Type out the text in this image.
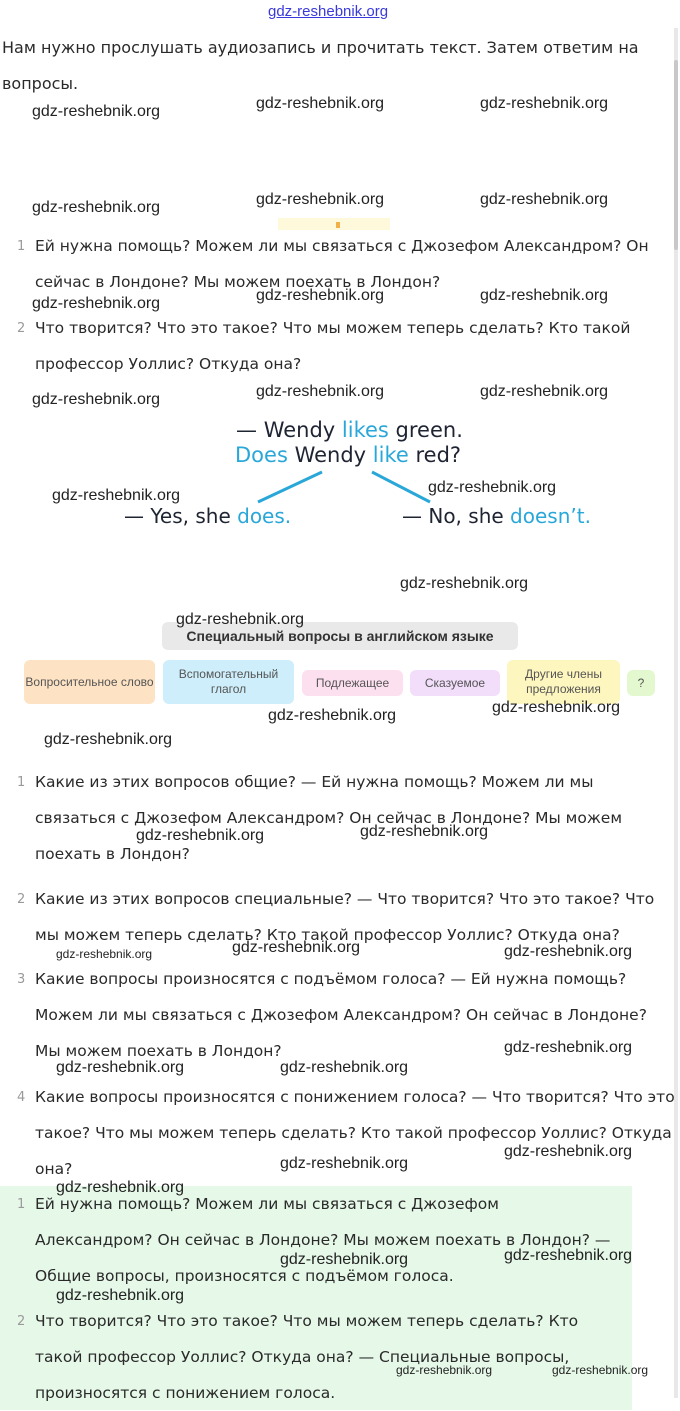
gdz-reshebnik.org
Нам нужно прослушать аудиозапись и прочитать текст. Затем ответим на вопросы.
1 Ей нужна помощь? Можем ли мы связаться с Джозефом Александром? Он сейчас в Лондоне? Мы можем поехать в Лондон?
2 Что творится? Что это такое? Что мы можем теперь сделать? Кто такой профессор Уоллис? Откуда она?
— Wendy likes green.
Does Wendy like red?
— Yes, she does.	— No, she doesn’t.
Специальный вопросы в английском языке
Вопросительное слово
Вспомогательный глагол	Подлежащее	Сказуемое
Другие члены предложения	?
1 Какие из этих вопросов общие? — Ей нужна помощь? Можем ли мы связаться с Джозефом Александром? Он сейчас в Лондоне? Мы можем поехать в Лондон?
2 Какие из этих вопросов специальные? — Что творится? Что это такое? Что мы можем теперь сделать? Кто такой профессор Уоллис? Откуда она?
3 Какие вопросы произносятся с подъёмом голоса? — Ей нужна помощь? Можем ли мы связаться с Джозефом Александром? Он сейчас в Лондоне? Мы можем поехать в Лондон?
4 Какие вопросы произносятся с понижением голоса? — Что творится? Что это такое? Что мы можем теперь сделать? Кто такой профессор Уоллис? Откуда она?
1 Ей нужна помощь? Можем ли мы связаться с Джозефом Александром? Он сейчас в Лондоне? Мы можем поехать в Лондон? — Общие вопросы, произносятся с подъёмом голоса.
2 Что творится? Что это такое? Что мы можем теперь сделать? Кто такой профессор Уоллис? Откуда она? — Специальные вопросы, произносятся с понижением голоса.
gdz-reshebnik.org	gdz-reshebnik.org	gdz-reshebnik.org
gdz-reshebnik.org	gdz-reshebnik.org	gdz-reshebnik.org
gdz-reshebnik.org	gdz-reshebnik.org	gdz-reshebnik.org
gdz-reshebnik.org	gdz-reshebnik.org	gdz-reshebnik.org
gdz-reshebnik.org	gdz-reshebnik.org
gdz-reshebnik.org
gdz-reshebnik.org
gdz-reshebnik.org	gdz-reshebnik.org
gdz-reshebnik.org
gdz-reshebnik.org	gdz-reshebnik.org
gdz-reshebnik.org
gdz-reshebnik.org	gdz-reshebnik.org
gdz-reshebnik.org
gdz-reshebnik.org	gdz-reshebnik.org
gdz-reshebnik.org
gdz-reshebnik.org
gdz-reshebnik.org
gdz-reshebnik.org	gdz-reshebnik.org
gdz-reshebnik.org
gdz-reshebnik.org	gdz-reshebnik.org
